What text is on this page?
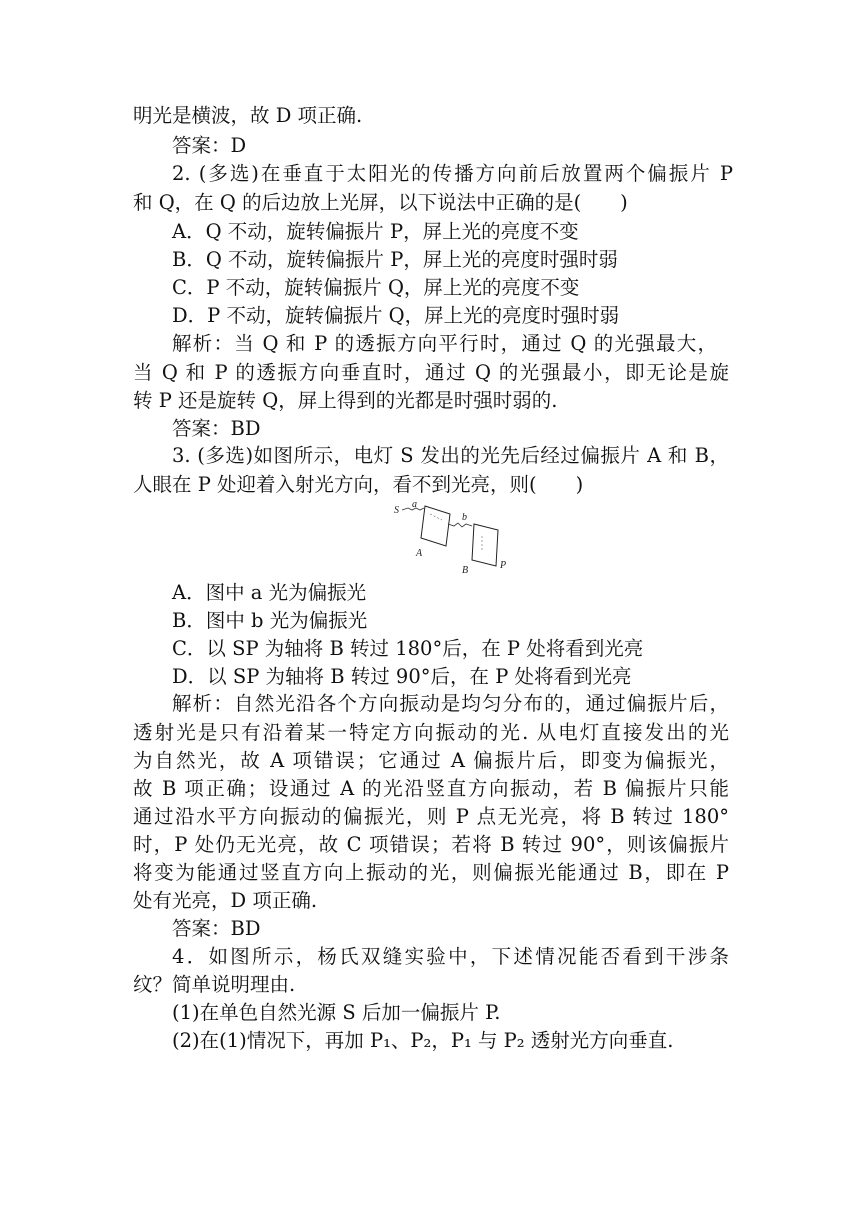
明光是横波，故 D 项正确.
答案：D
2. (多选)在垂直于太阳光的传播方向前后放置两个偏振片 P
和 Q，在 Q 的后边放上光屏，以下说法中正确的是(　　)
A．Q 不动，旋转偏振片 P，屏上光的亮度不变
B．Q 不动，旋转偏振片 P，屏上光的亮度时强时弱
C．P 不动，旋转偏振片 Q，屏上光的亮度不变
D．P 不动，旋转偏振片 Q，屏上光的亮度时强时弱
解析：当 Q 和 P 的透振方向平行时，通过 Q 的光强最大，
当 Q 和 P 的透振方向垂直时，通过 Q 的光强最小，即无论是旋
转 P 还是旋转 Q，屏上得到的光都是时强时弱的.
答案：BD
3. (多选)如图所示，电灯 S 发出的光先后经过偏振片 A 和 B，
人眼在 P 处迎着入射光方向，看不到光亮，则(　　)
S
a
A
b
B	P
A．图中 a 光为偏振光
B．图中 b 光为偏振光
C．以 SP 为轴将 B 转过 180°后，在 P 处将看到光亮
D．以 SP 为轴将 B 转过 90°后，在 P 处将看到光亮
解析：自然光沿各个方向振动是均匀分布的，通过偏振片后，
透射光是只有沿着某一特定方向振动的光. 从电灯直接发出的光
为自然光，故 A 项错误；它通过 A 偏振片后，即变为偏振光，
故 B 项正确；设通过 A 的光沿竖直方向振动，若 B 偏振片只能
通过沿水平方向振动的偏振光，则 P 点无光亮，将 B 转过 180°
时，P 处仍无光亮，故 C 项错误；若将 B 转过 90°，则该偏振片
将变为能通过竖直方向上振动的光，则偏振光能通过 B，即在 P
处有光亮，D 项正确.
答案：BD
4．如图所示，杨氏双缝实验中，下述情况能否看到干涉条
纹？简单说明理由.
(1)在单色自然光源 S 后加一偏振片 P.
(2)在(1)情况下，再加 P₁、P₂，P₁ 与 P₂ 透射光方向垂直.
